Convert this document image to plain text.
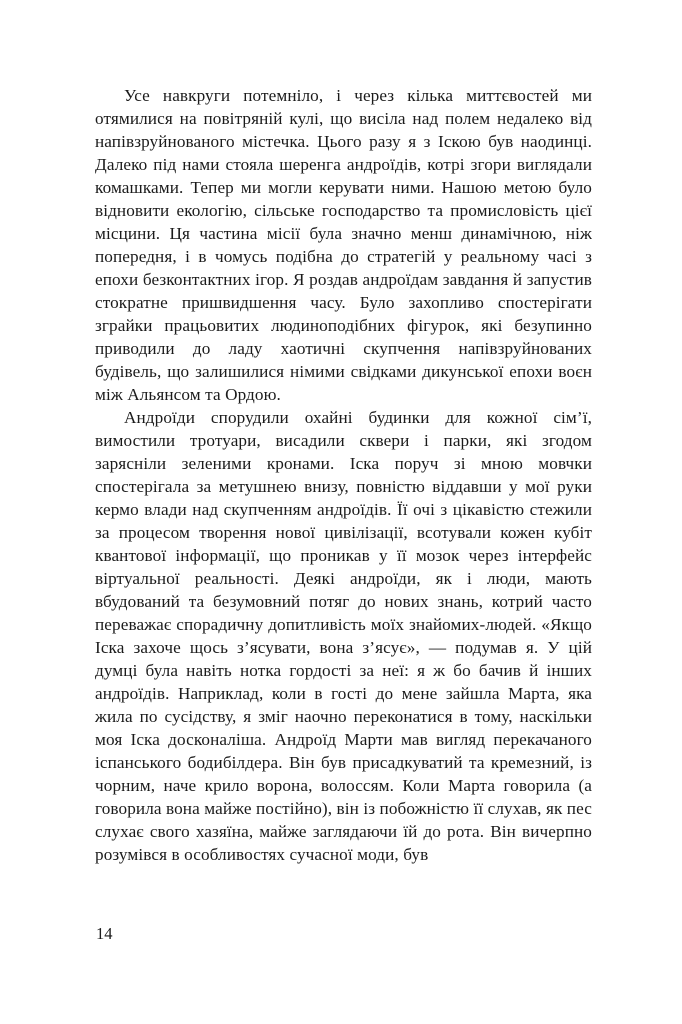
Усе навкруги потемніло, і через кілька миттєвостей ми отямилися на повітряній кулі, що висіла над полем недалеко від напівзруйнованого містечка. Цього разу я з Іскою був наодинці. Далеко під нами стояла шеренга андроїдів, котрі згори виглядали комашками. Тепер ми могли керувати ними. Нашою метою було відновити екологію, сільське господарство та промисловість цієї місцини. Ця частина місії була значно менш динамічною, ніж попередня, і в чомусь подібна до стратегій у реальному часі з епохи безконтактних ігор. Я роздав андроїдам завдання й запустив стократне пришвидшення часу. Було захопливо спостерігати зграйки працьовитих людиноподібних фігурок, які безупинно приводили до ладу хаотичні скупчення напівзруйнованих будівель, що залишилися німими свідками дикунської епохи воєн між Альянсом та Ордою.

Андроїди спорудили охайні будинки для кожної сім’ї, вимостили тротуари, висадили сквери і парки, які згодом зарясніли зеленими кронами. Іска поруч зі мною мовчки спостерігала за метушнею внизу, повністю віддавши у мої руки кермо влади над скупченням андроїдів. Її очі з цікавістю стежили за процесом творення нової цивілізації, всотували кожен кубіт квантової інформації, що проникав у її мозок через інтерфейс віртуальної реальності. Деякі андроїди, як і люди, мають вбудований та безумовний потяг до нових знань, котрий часто переважає спорадичну допитливість моїх знайомих-людей. «Якщо Іска захоче щось з’ясувати, вона з’ясує», — подумав я. У цій думці була навіть нотка гордості за неї: я ж бо бачив й інших андроїдів. Наприклад, коли в гості до мене зайшла Марта, яка жила по сусідству, я зміг наочно переконатися в тому, наскільки моя Іска досконаліша. Андроїд Марти мав вигляд перекачаного іспанського бодибілдера. Він був присадкуватий та кремезний, із чорним, наче крило ворона, волоссям. Коли Марта говорила (а говорила вона майже постійно), він із побожністю її слухав, як пес слухає свого хазяїна, майже заглядаючи їй до рота. Він вичерпно розумівся в особливостях сучасної моди, був

14
